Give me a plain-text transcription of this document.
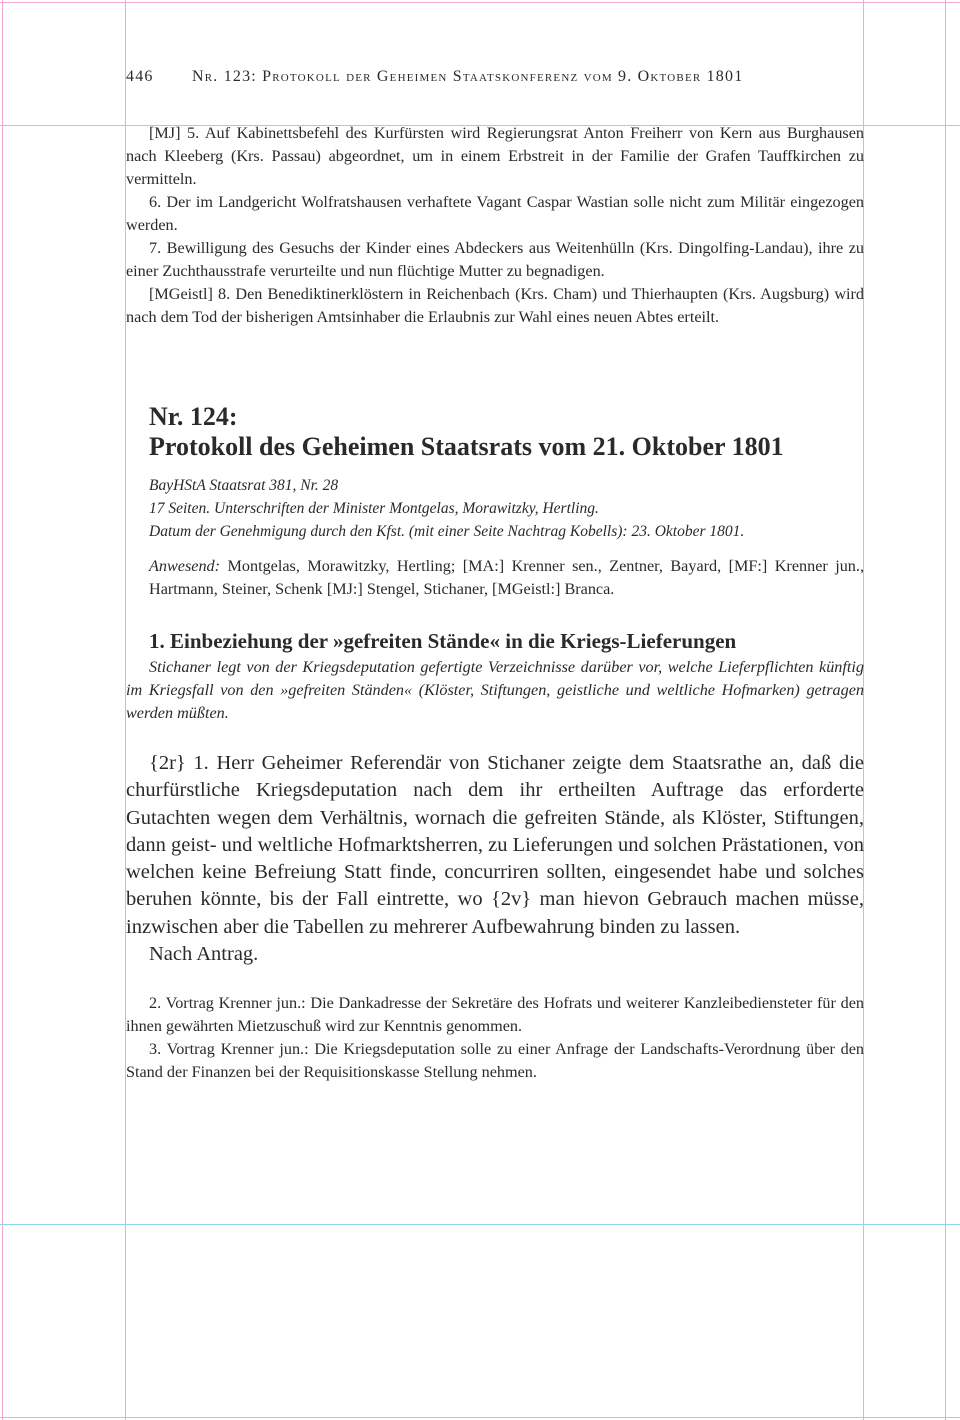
446 Nr. 123: Protokoll der Geheimen Staatskonferenz vom 9. Oktober 1801

[MJ] 5. Auf Kabinettsbefehl des Kurfürsten wird Regierungsrat Anton Freiherr von Kern aus Burghausen nach Kleeberg (Krs. Passau) abgeordnet, um in einem Erbstreit in der Familie der Grafen Tauffkirchen zu vermitteln.

6. Der im Landgericht Wolfratshausen verhaftete Vagant Caspar Wastian solle nicht zum Militär eingezogen werden.

7. Bewilligung des Gesuchs der Kinder eines Abdeckers aus Weitenhülln (Krs. Dingolfing-Landau), ihre zu einer Zuchthausstrafe verurteilte und nun flüchtige Mutter zu begnadigen.

[MGeistl] 8. Den Benediktinerklöstern in Reichenbach (Krs. Cham) und Thierhaupten (Krs. Augsburg) wird nach dem Tod der bisherigen Amtsinhaber die Erlaubnis zur Wahl eines neuen Abtes erteilt.

Nr. 124:
Protokoll des Geheimen Staatsrats vom 21. Oktober 1801
BayHStA Staatsrat 381, Nr. 28
17 Seiten. Unterschriften der Minister Montgelas, Morawitzky, Hertling.
Datum der Genehmigung durch den Kfst. (mit einer Seite Nachtrag Kobells): 23. Oktober 1801.
Anwesend: Montgelas, Morawitzky, Hertling; [MA:] Krenner sen., Zentner, Bayard, [MF:] Krenner jun., Hartmann, Steiner, Schenk [MJ:] Stengel, Stichaner, [MGeistl:] Branca.
1. Einbeziehung der »gefreiten Stände« in die Kriegs-Lieferungen

Stichaner legt von der Kriegsdeputation gefertigte Verzeichnisse darüber vor, welche Lieferpflichten künftig im Kriegsfall von den »gefreiten Ständen« (Klöster, Stiftungen, geistliche und weltliche Hofmarken) getragen werden müßten.

{2r} 1. Herr Geheimer Referendär von Stichaner zeigte dem Staatsrathe an, daß die churfürstliche Kriegsdeputation nach dem ihr ertheilten Auftrage das erforderte Gutachten wegen dem Verhältnis, wornach die gefreiten Stände, als Klöster, Stiftungen, dann geist- und weltliche Hofmarktsherren, zu Lieferungen und solchen Prästationen, von welchen keine Befreiung Statt finde, concurriren sollten, eingesendet habe und solches beruhen könnte, bis der Fall eintrette, wo {2v} man hievon Gebrauch machen müsse, inzwischen aber die Tabellen zu mehrerer Aufbewahrung binden zu lassen.

Nach Antrag.

2. Vortrag Krenner jun.: Die Dankadresse der Sekretäre des Hofrats und weiterer Kanzleibediensteter für den ihnen gewährten Mietzuschuß wird zur Kenntnis genommen.

3. Vortrag Krenner jun.: Die Kriegsdeputation solle zu einer Anfrage der Landschafts-Verordnung über den Stand der Finanzen bei der Requisitionskasse Stellung nehmen.
